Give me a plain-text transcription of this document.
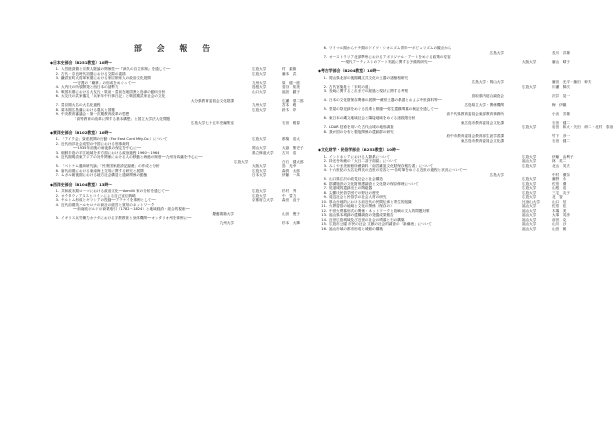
部 会 報 告
◆日本史部会（B251教室）10時〜
1. 入営経済費と宗教人脈論の関係性──『津久の自立体制』を通して──	広島大学	村　素雄
2. 古代・奈良時代初期における交際の素描	広島大学	藤本　武
3. 鎌倉室町大将軍家期における家臣制家人の政治文化展開
──守護の「職掌」の形成をめぐって──	九州大学	原　健一郎
4. 大内氏の所領開発と西日本の諸勢力	島根大学	菅谷　知美
5. 戦国末期における大友氏・筑前・豊前在地国衆と島津の動向分析	山口大学	福田　嗣子
6. 大友氏の武家儀礼「兵家年中行事日記」と戦国期武家社会の文化
大分県教育委員会文化財課	広瀬　望二郎
7. 豊臣期大名の大名化過程	九州大学	宮本　雅
8. 幕末期広島藩における農兵と国権	広島大学	鈴木　岸
9. 中央教育審議会・第一次期教育改革の思想
「高等教育の改革に関する基本構想」と国立大学法人化問題
広島大学七十五年史編集室	石田　雅春
◆東洋史部会（B102教室）10時〜
1. 「アイク会」資産展開の行動（Far East Curd Mfg.Co.）について	広島大学	都築　浩太
2. 近代西洋社会成型の中国における刑事裁判
──1935年前後の雨夜県の保定を中心に──	岡山大学	大嶽　聖史子
3. 朝鮮半島の平江地域を多方面における政治過程 1960〜1964	県立修道大学	古川　浩
4. 近代期明清東アジアの対外関係における人の移動と海港の制度──九州対馬藩を中心に──
広島大学	白石　健太郎
5. 「ベトナム通商研究論」「民衆国家経済記録叢」の作成と分析	大阪大学	鳥　光幸
6. 唐代前期における東南海上交易に関する研究と展開	広島大学	森賀　太郎
7. ムガル朝後期における地方社会構造と通商関係の動態	日本大学	伊藤　一馬
◆西洋史部会（B104教室）13時〜
1. 共和政末期ローマにおける政治文化──Aemilii 家の分析を通じて──	広島大学	杉村　秀
2. オクタウィアヌスとコインによる自己宣伝戦略	広島大学	中　豊力
3. ヤルトム形成とギリシアの役割──アテナイを事例として──	京都府立大学	森田　直子
4. 近代前期英ハルセロナの商社の経営と貿易のネットワーク
──前南欧ボルドの商業取引（1782〜1824）と地域経済・総合的視座──
慶應義塾大学	山田　俊子
5. イギリス兵労働力カナダにおける字教教育と身体機関──オンタリオ州を事例に──
九州大学	杉本　大輝
6. ワイマル期からナチ期のドイツ・シオニズム青年──ポピュリズムの観点から
広島大学	長川　洋雄
7. オーストラリア北部準州におけるアボリジナル・アートをめぐる政策の変容
──現代アーティストのアート実践に関する予備的研究──	大阪大学	藤山　晴子
◆考古学部会（B204教室）10時〜
1. 岡山県北部の後期縄文式文化の土器の諸様相研究
広島大学・岡山大学	藤田　光平・藤田　幹夫
2. 古代官衙址と「末町の道」	広島大学	川瀬　賢次
3. 長崎に関するこれまでの経過と現状に関する考察
鳥取県内総合調査会	沢井　晃一
4. 日本の文化財保存関係の展開──蔵骨土器の系譜とおよぶ中世資料等──
広島県立大学・関係機関	梅　伊織
5. 堂屋の祭祀跡をめぐる長堆と棋棲──弥生遺構墳墓の検証を通して──
高千代県教育委員会東部教育事務所	小出　芳雄
6. 東日本の縄文地域社会と隣接地域をめぐる諸段階分析
東広島市教育委員会文化課	石田　健二
7. LDAR 技術を用いた古代山城の地形調査	広島大学	岩田　和太・矢田　研二・北村　泰治
8. 我が国の分布と製塩関係の遺跡群の研究
府中市教育委員会教育部生涯学習課	竹下　彦一
東広島市教育委員会文化課	石田　健二
◆文化財学・民俗学部会（B253教室）10時〜
1. インドネシアにおける人類系について	広島大学	伊藤　由利子
2. 持光寺所蔵の「大日二菩子面銘」について	福山大学	林　英二
3. みくやま美術館所蔵資料「南宮雑説文化財保存報告書」について	広島大学	北山　英夫
4. 十六世紀の大名毛利氏の近世の変容と──各町筆をめぐる近世の過程と状況について──
広島大学	中村　優奈
5. 山口県江沢の政党社会と社会構造	広島大学	藤野　永
6. 郡溝施設の文化財保護調査と文化財の保存修理について	広島大学	佐伯　優
7. 尾道城郭遺跡出土の陶磁器	広島大学	山根　浩
8. 尖閣氏民俗学団での野社の歴史	広島大学	三宅　友子
9. 周辺社会と民俗学の社会人材の研究	広島大学	北　智
10. 厚山台地的における前近代の民間伝承と寄生的組織	比治山大学	山口　信
11. 火葬習俗の地域と文化の関係（保存の）	福山大学	佐伯　佳
12. 中世火葬墓形式の関係・ネットワークと島嶼の文人的問題対策	福山大学	木場　美
13. 福山県本城跡の遺構調査の発掘成果報告	福山大学	大塚　英彦
14. 近世広島城域及び近世の社会の墳墓と石の構築	福山大学	前田　克
15. 広島市公園 市民の社会 文献の社会的調査の「新潮流」について	福山大学	山川　沙
16. 福山市域の都市形成と城館の構築	福山大学	山田　朝
